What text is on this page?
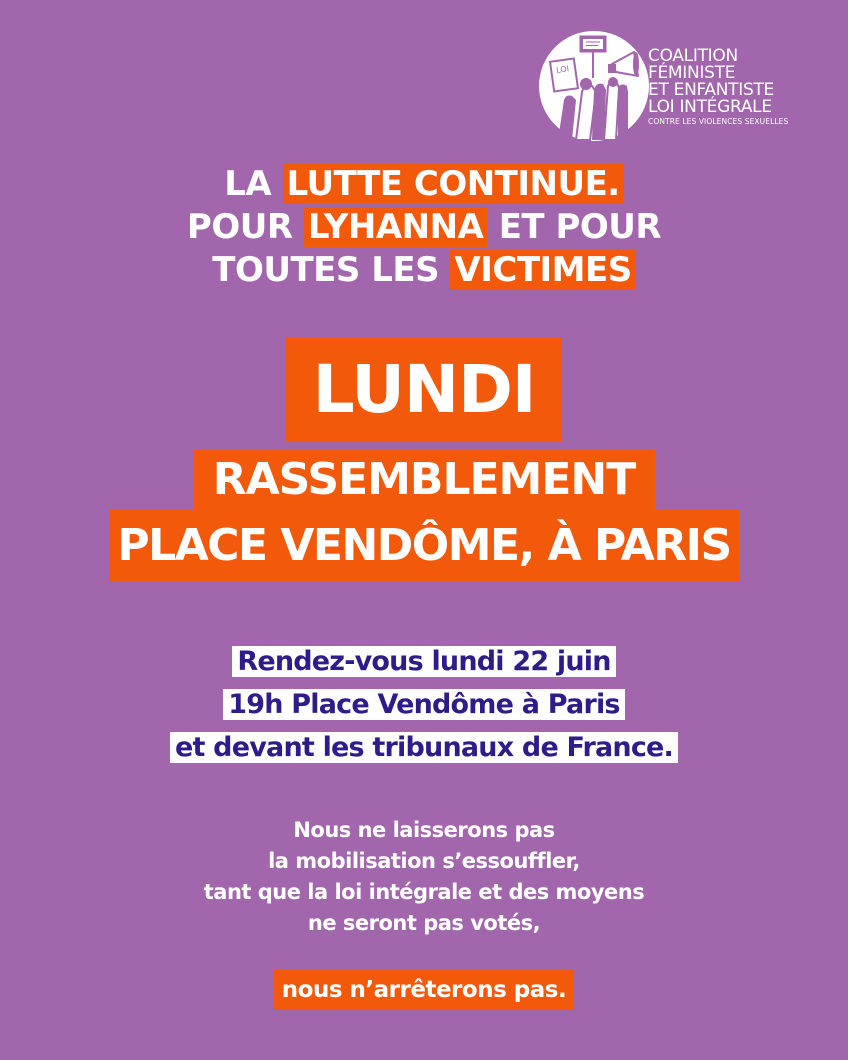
LOI
COALITION
FÉMINISTE
ET ENFANTISTE
LOI INTÉGRALE
CONTRE LES VIOLENCES SEXUELLES
LA LUTTE CONTINUE.
POUR LYHANNA ET POUR
TOUTES LES VICTIMES
LUNDI
RASSEMBLEMENT
PLACE VENDÔME, À PARIS
Rendez-vous lundi 22 juin
19h Place Vendôme à Paris
et devant les tribunaux de France.
Nous ne laisserons pas
la mobilisation s’essouffler,
tant que la loi intégrale et des moyens
ne seront pas votés,
nous n’arrêterons pas.
